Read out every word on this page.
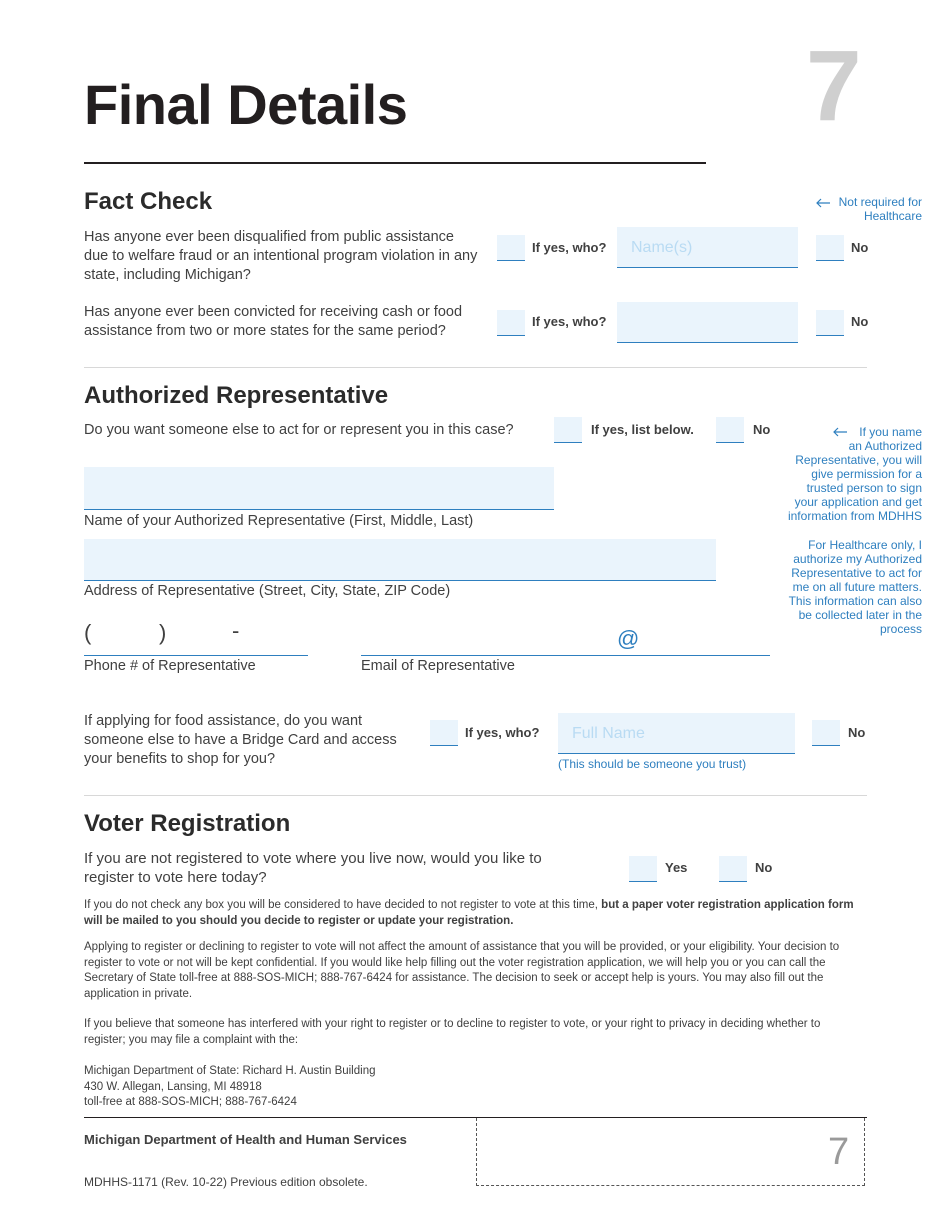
Final Details	7
Fact Check	Not required for Healthcare
Has anyone ever been disqualified from public assistance due to welfare fraud or an intentional program violation in any state, including Michigan?
If yes, who?	Name(s)	No
Has anyone ever been convicted for receiving cash or food assistance from two or more states for the same period?
If yes, who?	No
Authorized Representative
Do you want someone else to act for or represent you in this case?	If yes, list below.	No	If you name an Authorized Representative, you will give permission for a trusted person to sign your application and get information from MDHHS
For Healthcare only, I authorize my Authorized Representative to act for me on all future matters. This information can also be collected later in the process
Name of your Authorized Representative (First, Middle, Last)
Address of Representative (Street, City, State, ZIP Code)
(	)	-
Phone # of Representative
@
Email of Representative
If applying for food assistance, do you want someone else to have a Bridge Card and access your benefits to shop for you?
If yes, who?	Full Name
(This should be someone you trust)
No
Voter Registration
If you are not registered to vote where you live now, would you like to register to vote here today?
Yes	No
If you do not check any box you will be considered to have decided to not register to vote at this time, but a paper voter registration application form will be mailed to you should you decide to register or update your registration.
Applying to register or declining to register to vote will not affect the amount of assistance that you will be provided, or your eligibility. Your decision to register to vote or not will be kept confidential. If you would like help filling out the voter registration application, we will help you or you can call the Secretary of State toll-free at 888-SOS-MICH; 888-767-6424 for assistance. The decision to seek or accept help is yours. You may also fill out the application in private.
If you believe that someone has interfered with your right to register or to decline to register to vote, or your right to privacy in deciding whether to register; you may file a complaint with the:
Michigan Department of State: Richard H. Austin Building
430 W. Allegan, Lansing, MI 48918
toll-free at 888-SOS-MICH; 888-767-6424
Michigan Department of Health and Human Services
MDHHS-1171 (Rev. 10-22) Previous edition obsolete.
7
